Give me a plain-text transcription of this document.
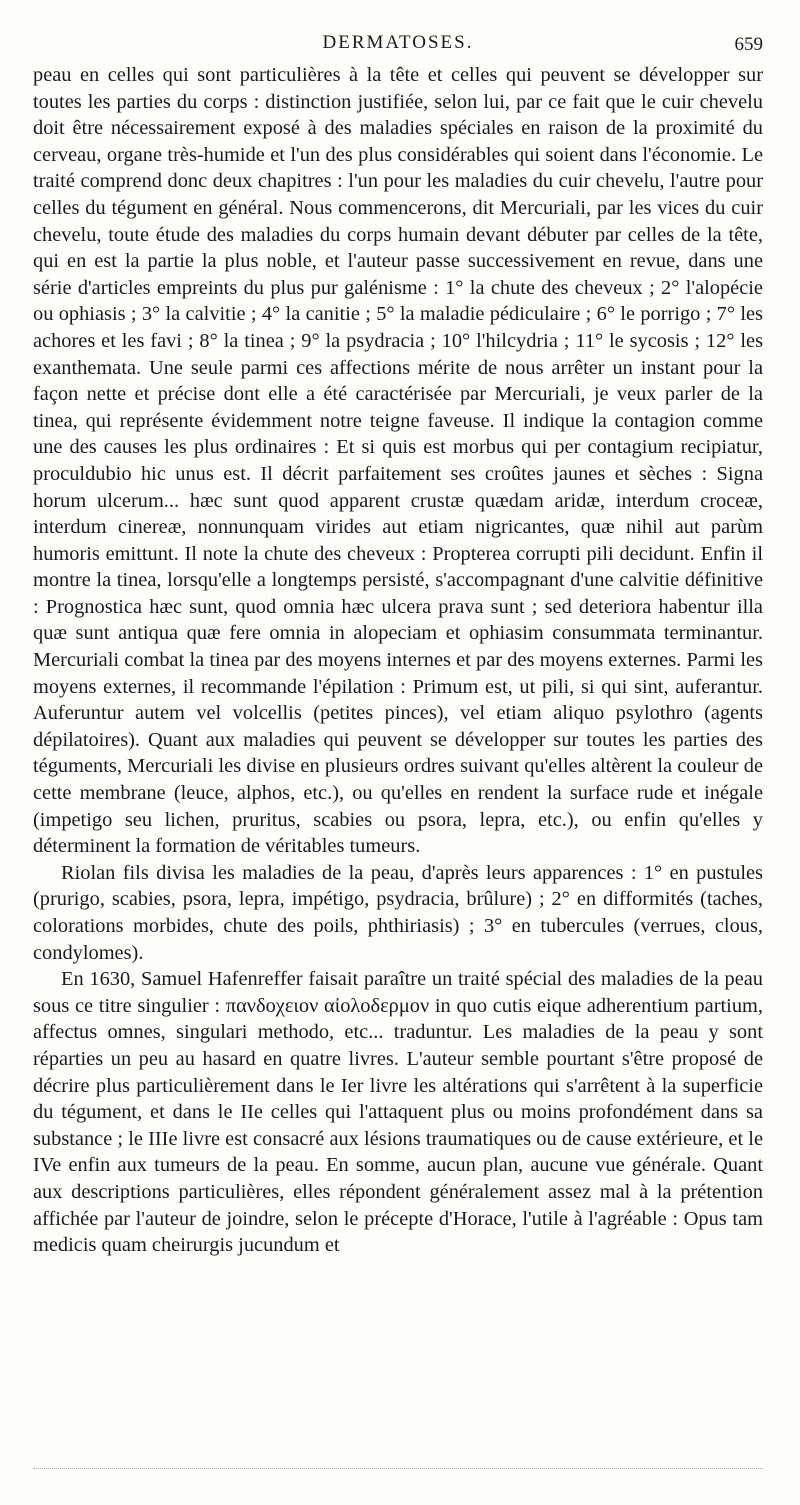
DERMATOSES.	659

peau en celles qui sont particulières à la tête et celles qui peuvent se développer sur toutes les parties du corps : distinction justifiée, selon lui, par ce fait que le cuir chevelu doit être nécessairement exposé à des maladies spéciales en raison de la proximité du cerveau, organe très-humide et l'un des plus considérables qui soient dans l'économie. Le traité comprend donc deux chapitres : l'un pour les maladies du cuir chevelu, l'autre pour celles du tégument en général. Nous commencerons, dit Mercuriali, par les vices du cuir chevelu, toute étude des maladies du corps humain devant débuter par celles de la tête, qui en est la partie la plus noble, et l'auteur passe successivement en revue, dans une série d'articles empreints du plus pur galénisme : 1° la chute des cheveux ; 2° l'alopécie ou ophiasis ; 3° la calvitie ; 4° la canitie ; 5° la maladie pédiculaire ; 6° le porrigo ; 7° les achores et les favi ; 8° la tinea ; 9° la psydracia ; 10° l'hilcydria ; 11° le sycosis ; 12° les exanthemata. Une seule parmi ces affections mérite de nous arrêter un instant pour la façon nette et précise dont elle a été caractérisée par Mercuriali, je veux parler de la tinea, qui représente évidemment notre teigne faveuse. Il indique la contagion comme une des causes les plus ordinaires : Et si quis est morbus qui per contagium recipiatur, proculdubio hic unus est. Il décrit parfaitement ses croûtes jaunes et sèches : Signa horum ulcerum... hæc sunt quod apparent crustæ quædam aridæ, interdum croceæ, interdum cinereæ, nonnunquam virides aut etiam nigricantes, quæ nihil aut parùm humoris emittunt. Il note la chute des cheveux : Propterea corrupti pili decidunt. Enfin il montre la tinea, lorsqu'elle a longtemps persisté, s'accompagnant d'une calvitie définitive : Prognostica hæc sunt, quod omnia hæc ulcera prava sunt ; sed deteriora habentur illa quæ sunt antiqua quæ fere omnia in alopeciam et ophiasim consummata terminantur. Mercuriali combat la tinea par des moyens internes et par des moyens externes. Parmi les moyens externes, il recommande l'épilation : Primum est, ut pili, si qui sint, auferantur. Auferuntur autem vel volcellis (petites pinces), vel etiam aliquo psylothro (agents dépilatoires). Quant aux maladies qui peuvent se développer sur toutes les parties des téguments, Mercuriali les divise en plusieurs ordres suivant qu'elles altèrent la couleur de cette membrane (leuce, alphos, etc.), ou qu'elles en rendent la surface rude et inégale (impetigo seu lichen, pruritus, scabies ou psora, lepra, etc.), ou enfin qu'elles y déterminent la formation de véritables tumeurs.

Riolan fils divisa les maladies de la peau, d'après leurs apparences : 1° en pustules (prurigo, scabies, psora, lepra, impétigo, psydracia, brûlure) ; 2° en difformités (taches, colorations morbides, chute des poils, phthiriasis) ; 3° en tubercules (verrues, clous, condylomes).

En 1630, Samuel Hafenreffer faisait paraître un traité spécial des maladies de la peau sous ce titre singulier : πανδοχειον αἰολοδερμον in quo cutis eique adherentium partium, affectus omnes, singulari methodo, etc... traduntur. Les maladies de la peau y sont réparties un peu au hasard en quatre livres. L'auteur semble pourtant s'être proposé de décrire plus particulièrement dans le Ier livre les altérations qui s'arrêtent à la superficie du tégument, et dans le IIe celles qui l'attaquent plus ou moins profondément dans sa substance ; le IIIe livre est consacré aux lésions traumatiques ou de cause extérieure, et le IVe enfin aux tumeurs de la peau. En somme, aucun plan, aucune vue générale. Quant aux descriptions particulières, elles répondent généralement assez mal à la prétention affichée par l'auteur de joindre, selon le précepte d'Horace, l'utile à l'agréable : Opus tam medicis quam cheirurgis jucundum et
